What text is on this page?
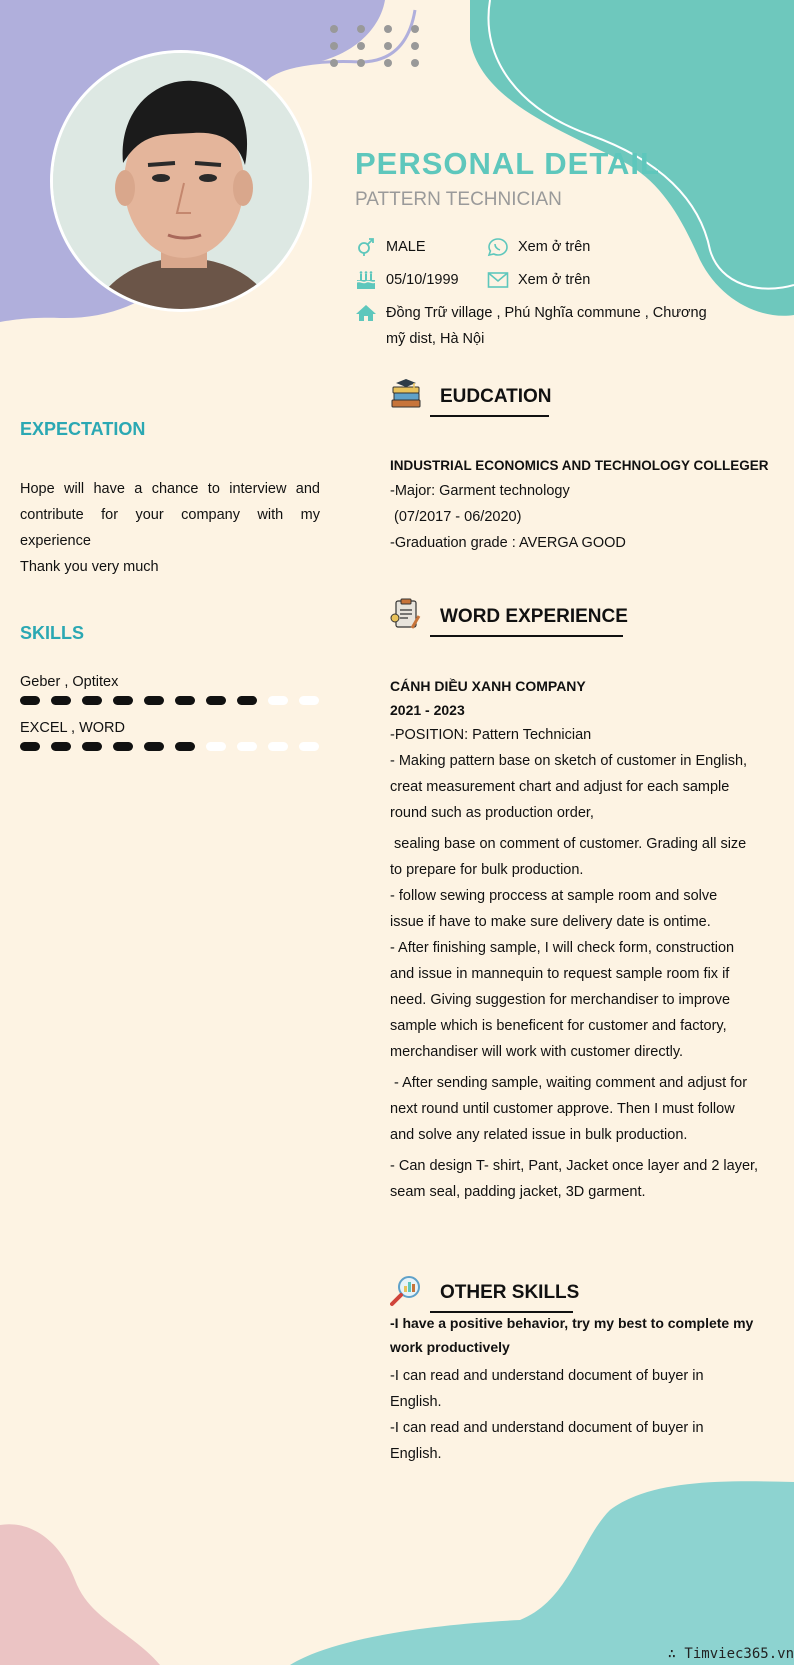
PERSONAL DETAIL
PATTERN TECHNICIAN
MALE	Xem ở trên
05/10/1999	Xem ở trên
Đồng Trữ village , Phú Nghĩa commune , Chương
mỹ dist, Hà Nội
EXPECTATION
Hope will have a chance to interview and contribute for your company with my experience
Thank you very much
SKILLS
Geber , Optitex
EXCEL , WORD
EUDCATION
INDUSTRIAL ECONOMICS AND TECHNOLOGY COLLEGER
-Major: Garment technology
(07/2017 - 06/2020)
-Graduation grade : AVERGA GOOD
WORD EXPERIENCE
CÁNH DIỀU XANH COMPANY
2021 - 2023
-POSITION: Pattern Technician
- Making pattern base on sketch of customer in English,
creat measurement chart and adjust for each sample
round such as production order,
sealing base on comment of customer. Grading all size
to prepare for bulk production.
- follow sewing proccess at sample room and solve
issue if have to make sure delivery date is ontime.
- After finishing sample, I will check form, construction
and issue in mannequin to request sample room fix if
need. Giving suggestion for merchandiser to improve
sample which is beneficent for customer and factory,
merchandiser will work with customer directly.
- After sending sample, waiting comment and adjust for
next round until customer approve. Then I must follow
and solve any related issue in bulk production.
- Can design T- shirt, Pant, Jacket once layer and 2 layer,
seam seal, padding jacket, 3D garment.
OTHER SKILLS
-I have a positive behavior, try my best to complete my
work productively
-I can read and understand document of buyer in
English.
-I can read and understand document of buyer in
English.
∴ Timviec365.vn
